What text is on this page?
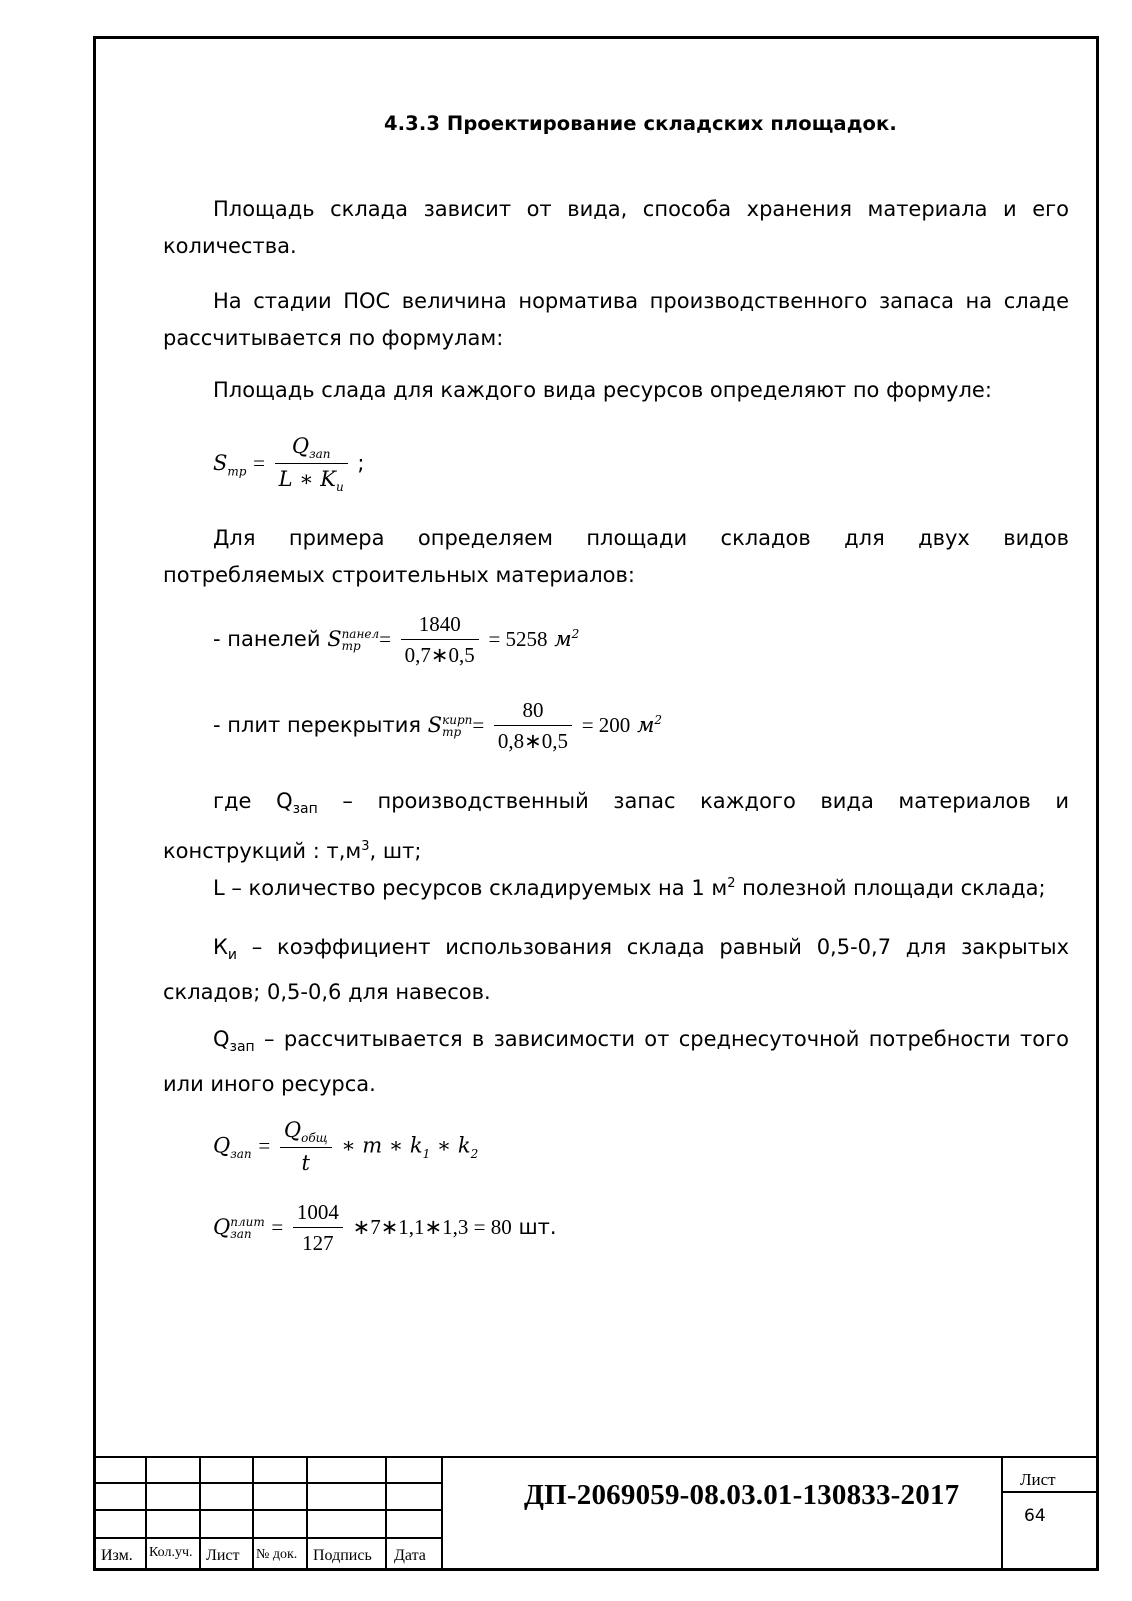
4.3.3 Проектирование складских площадок.
Площадь склада зависит от вида, способа хранения материала и его
количества.
На стадии ПОС величина норматива производственного запаса на сладе
рассчитывается по формулам:
Площадь слада для каждого вида ресурсов определяют по формуле:
$S_{тр} = \frac{Q_{зап}}{L ∗ K_и}$ ;
Для примера определяем площади складов для двух видов
потребляемых строительных материалов:
- панелей Sпанел
тр = $\frac{1840}{0,7∗0,5} = 5258$ $м^2$
- плит перекрытия Sкирп
тр = $\frac{80}{0,8∗0,5} = 200$ $м^2$
где $Q_{зап}$ – производственный запас каждого вида материалов и
конструкций : $т,м^3$, шт;
L – количество ресурсов складируемых на 1 $м^2$ полезной площади склада;
$К_и$ – коэффициент использования склада равный 0,5-0,7 для закрытых
складов; 0,5-0,6 для навесов.
$Q_{зап}$ – рассчитывается в зависимости от среднесуточной потребности того
или иного ресурса.
$Q_{зап} = \frac{Q_{общ}}{t}$ ∗ m ∗ $k_1$ ∗ $k_2$
Qплит
зап = $\frac{1004}{127}$ ∗7∗1,1∗1,3 = 80 шт.
Изм. Кол.уч. Лист № док. Подпись Дата
ДП-2069059-08.03.01-130833-2017	Лист
64
